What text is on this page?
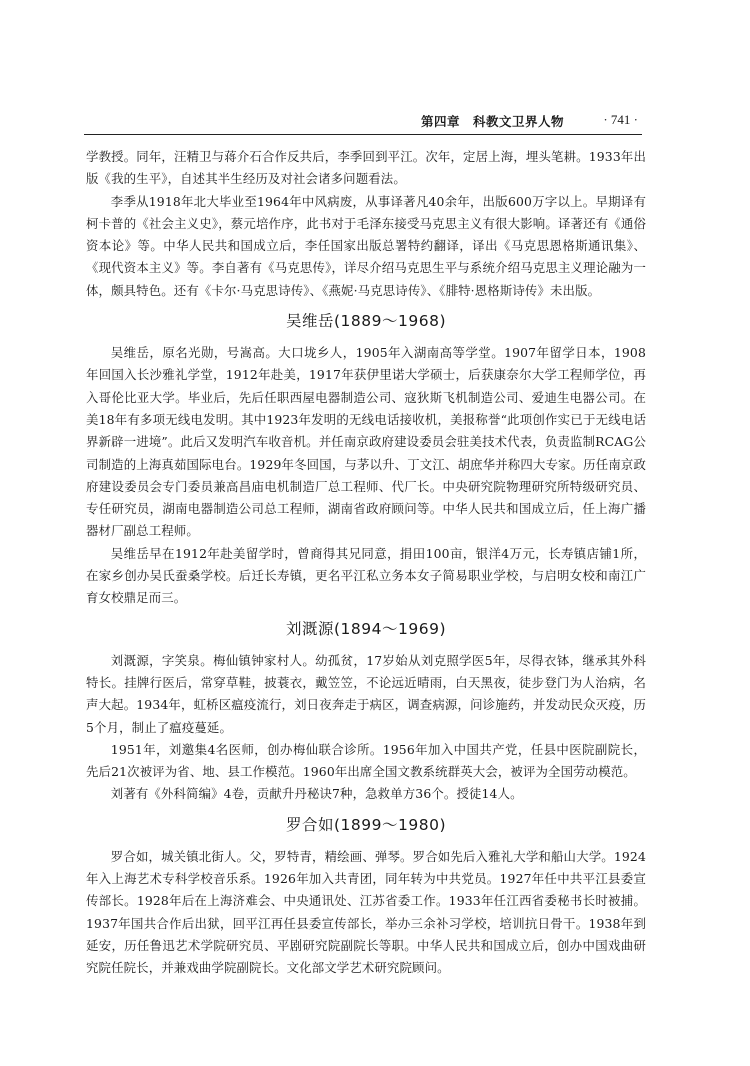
第四章　科教文卫界人物	· 741 ·

学教授。同年，汪精卫与蒋介石合作反共后，李季回到平江。次年，定居上海，埋头笔耕。1933年出版《我的生平》，自述其半生经历及对社会诸多问题看法。

李季从1918年北大毕业至1964年中风病废，从事译著凡40余年，出版600万字以上。早期译有柯卡普的《社会主义史》，蔡元培作序，此书对于毛泽东接受马克思主义有很大影响。译著还有《通俗资本论》等。中华人民共和国成立后，李任国家出版总署特约翻译，译出《马克思恩格斯通讯集》、《现代资本主义》等。李自著有《马克思传》，详尽介绍马克思生平与系统介绍马克思主义理论融为一体，颇具特色。还有《卡尔·马克思诗传》、《燕妮·马克思诗传》、《腓特·恩格斯诗传》未出版。

吴维岳(1889～1968)

吴维岳，原名光勋，号嵩高。大口垅乡人，1905年入湖南高等学堂。1907年留学日本，1908年回国入长沙雅礼学堂，1912年赴美，1917年获伊里诺大学硕士，后获康奈尔大学工程师学位，再入哥伦比亚大学。毕业后，先后任职西屋电器制造公司、寇狄斯飞机制造公司、爱迪生电器公司。在美18年有多项无线电发明。其中1923年发明的无线电话接收机，美报称誉“此项创作实已于无线电话界新辟一进境”。此后又发明汽车收音机。并任南京政府建设委员会驻美技术代表，负责监制RCAG公司制造的上海真茹国际电台。1929年冬回国，与茅以升、丁文江、胡庶华并称四大专家。历任南京政府建设委员会专门委员兼高昌庙电机制造厂总工程师、代厂长。中央研究院物理研究所特级研究员、专任研究员，湖南电器制造公司总工程师，湖南省政府顾问等。中华人民共和国成立后，任上海广播器材厂副总工程师。

吴维岳早在1912年赴美留学时，曾商得其兄同意，捐田100亩，银洋4万元，长寿镇店铺1所，在家乡创办吴氏蚕桑学校。后迁长寿镇，更名平江私立务本女子简易职业学校，与启明女校和南江广育女校鼎足而三。

刘溉源(1894～1969)

刘溉源，字笑泉。梅仙镇钟家村人。幼孤贫，17岁始从刘克照学医5年，尽得衣钵，继承其外科特长。挂牌行医后，常穿草鞋，披蓑衣，戴笠笠，不论远近晴雨，白天黑夜，徒步登门为人治病，名声大起。1934年，虹桥区瘟疫流行，刘日夜奔走于病区，调查病源，问诊施药，并发动民众灭疫，历5个月，制止了瘟疫蔓延。

1951年，刘邀集4名医师，创办梅仙联合诊所。1956年加入中国共产党，任县中医院副院长，先后21次被评为省、地、县工作模范。1960年出席全国文教系统群英大会，被评为全国劳动模范。

刘著有《外科简编》4卷，贡献升丹秘诀7种，急救单方36个。授徒14人。

罗合如(1899～1980)

罗合如，城关镇北街人。父，罗特青，精绘画、弹琴。罗合如先后入雅礼大学和船山大学。1924年入上海艺术专科学校音乐系。1926年加入共青团，同年转为中共党员。1927年任中共平江县委宣传部长。1928年后在上海济难会、中央通讯处、江苏省委工作。1933年任江西省委秘书长时被捕。1937年国共合作后出狱，回平江再任县委宣传部长，举办三余补习学校，培训抗日骨干。1938年到延安，历任鲁迅艺术学院研究员、平剧研究院副院长等职。中华人民共和国成立后，创办中国戏曲研究院任院长，并兼戏曲学院副院长。文化部文学艺术研究院顾问。
